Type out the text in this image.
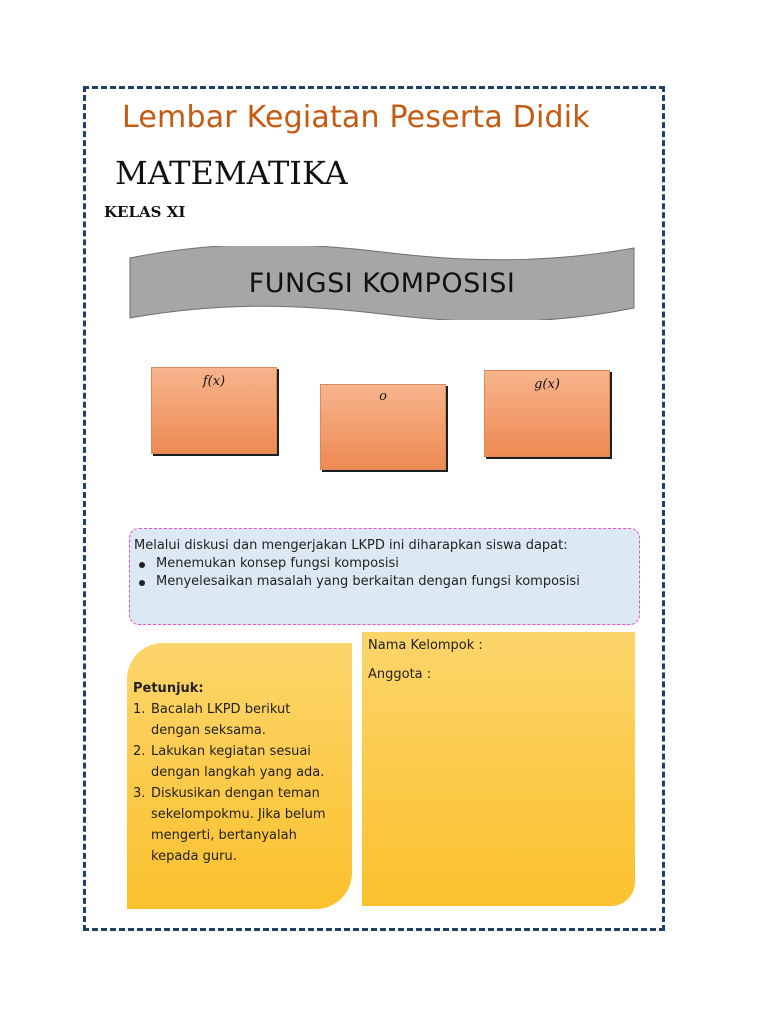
Lembar Kegiatan Peserta Didik
MATEMATIKA
KELAS XI
FUNGSI KOMPOSISI
f(x)
o
g(x)
Melalui diskusi dan mengerjakan LKPD ini diharapkan siswa dapat:
Menemukan konsep fungsi komposisi
Menyelesaikan masalah yang berkaitan dengan fungsi komposisi
Petunjuk:
1. Bacalah LKPD berikut dengan seksama.
2. Lakukan kegiatan sesuai dengan langkah yang ada.
3. Diskusikan dengan teman sekelompokmu. Jika belum mengerti, bertanyalah kepada guru.
Nama Kelompok :
Anggota :
